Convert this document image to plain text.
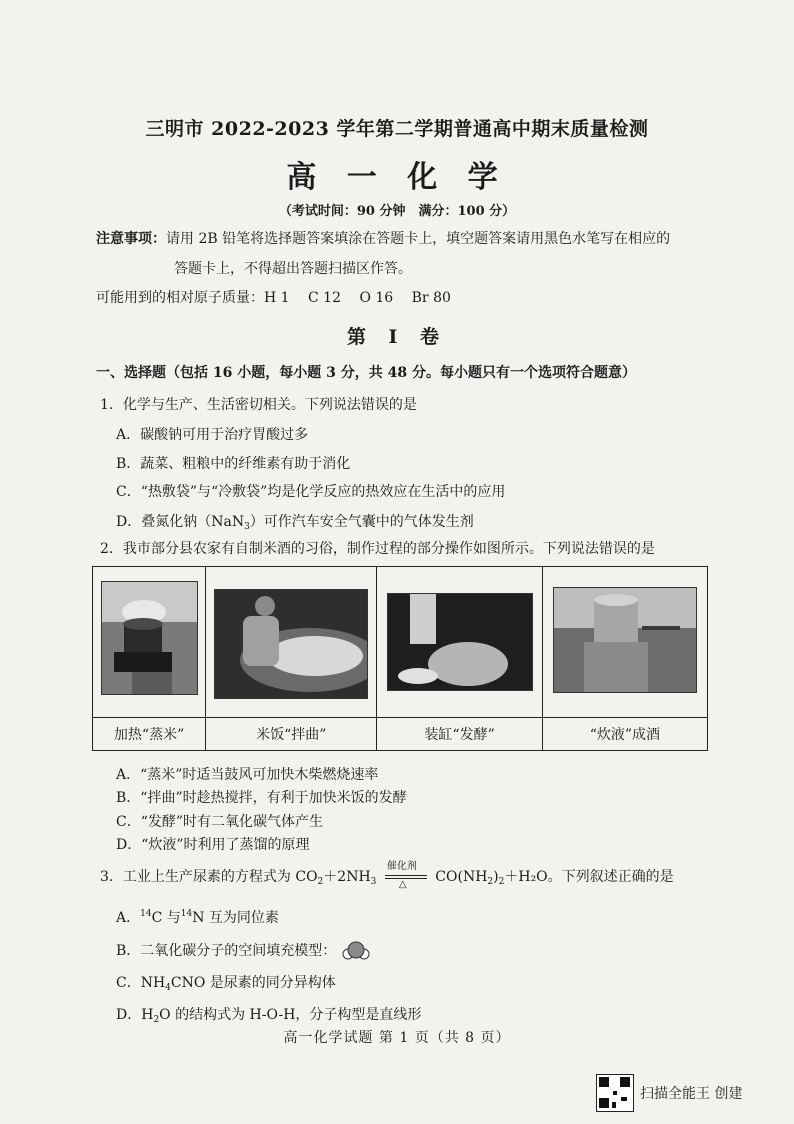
三明市 2022-2023 学年第二学期普通高中期末质量检测
高 一 化 学
（考试时间：90 分钟　满分：100 分）
注意事项：请用 2B 铅笔将选择题答案填涂在答题卡上，填空题答案请用黑色水笔写在相应的
答题卡上，不得超出答题扫描区作答。
可能用到的相对原子质量：H 1　 C 12　 O 16　 Br 80
第 Ⅰ 卷
一、选择题（包括 16 小题，每小题 3 分，共 48 分。每小题只有一个选项符合题意）
1．化学与生产、生活密切相关。下列说法错误的是
A．碳酸钠可用于治疗胃酸过多
B．蔬菜、粗粮中的纤维素有助于消化
C．“热敷袋”与“冷敷袋”均是化学反应的热效应在生活中的应用
D．叠氮化钠（NaN$_3$）可作汽车安全气囊中的气体发生剂
2．我市部分县农家有自制米酒的习俗，制作过程的部分操作如图所示。下列说法错误的是

加热“蒸米”	米饭“拌曲”	装缸“发酵”	“炊液”成酒
A．“蒸米”时适当鼓风可加快木柴燃烧速率
B．“拌曲”时趁热搅拌，有利于加快米饭的发酵
C．“发酵”时有二氧化碳气体产生
D．“炊液”时利用了蒸馏的原理
3．工业上生产尿素的方程式为 $CO_2+2NH_3$
催化剂
△ $CO(NH_2)_2+H_2O$。下列叙述正确的是
A．$^{14}$C 与$^{14}$N 互为同位素
B．二氧化碳分子的空间填充模型：
C．$NH_4CNO$ 是尿素的同分异构体
D．$H_2O$ 的结构式为 H-O-H，分子构型是直线形
高一化学试题 第 1 页（共 8 页）
扫描全能王 创建
